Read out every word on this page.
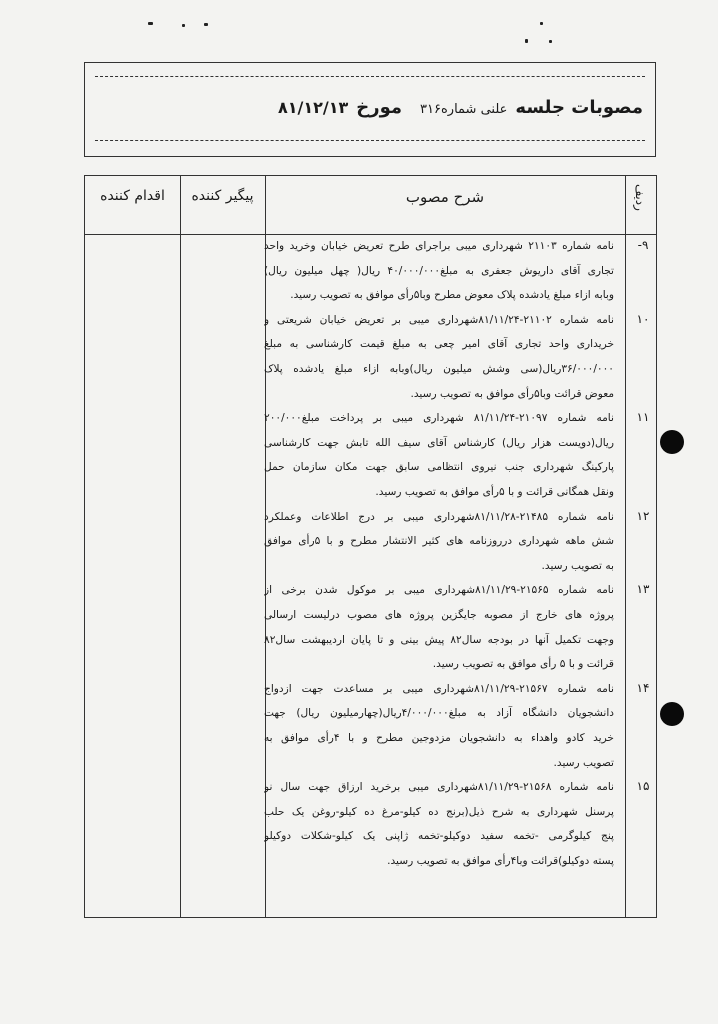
مصوبات جلسه
علنی شماره۳۱۶
مورخ
۸۱/۱۲/۱۳
اقدام کننده	پیگیر کننده	شرح مصوب	ردیف
-۹
نامه شماره ۲۱۱۰۳ شهرداری میبی براجرای طرح تعریض خیابان وخرید واحد
تجاری آقای داریوش جعفری به مبلغ۴۰/۰۰۰/۰۰۰ ریال( چهل میلیون ریال)
وبابه ازاء مبلغ یادشده پلاک معوض مطرح وبا۵رأی موافق به تصویب رسید.
۱۰
نامه شماره ۲۱۱۰۲-۸۱/۱۱/۲۴شهرداری میبی بر تعریض خیابان شریعتی و
خریداری واحد تجاری آقای امیر چعی به مبلغ قیمت کارشناسی به مبلغ
۳۶/۰۰۰/۰۰۰ریال(سی وشش میلیون ریال)وبابه ازاء مبلغ یادشده پلاک
معوض قرائت وبا۵رأی موافق به تصویب رسید.
۱۱
نامه شماره ۲۱۰۹۷-۸۱/۱۱/۲۴ شهرداری میبی بر پرداخت مبلغ۲۰۰/۰۰۰
ریال(دویست هزار ریال) کارشناس آقای سیف الله تابش جهت کارشناسی
پارکینگ شهرداری جنب نیروی انتظامی سابق جهت مکان سازمان حمل
ونقل همگانی قرائت و با ۵رأی موافق به تصویب رسید.
۱۲
نامه شماره ۲۱۴۸۵-۸۱/۱۱/۲۸شهرداری میبی بر درج اطلاعات وعملکرد
شش ماهه شهرداری درروزنامه های کثیر الانتشار مطرح و با ۵رأی موافق
به تصویب رسید.
۱۳
نامه شماره ۲۱۵۶۵-۸۱/۱۱/۲۹شهرداری میبی بر موکول شدن برخی از
پروژه های خارج از مصوبه جایگزین پروژه های مصوب درلیست ارسالی
وجهت تکمیل آنها در بودجه سال۸۲ پیش بینی و تا پایان اردیبهشت سال۸۲
قرائت و با ۵ رأی موافق به تصویب رسید.
۱۴
نامه شماره ۲۱۵۶۷-۸۱/۱۱/۲۹شهرداری میبی بر مساعدت جهت ازدواج
دانشجویان دانشگاه آزاد به مبلغ۴/۰۰۰/۰۰۰ریال(چهارمیلیون ریال) جهت
خرید کادو واهداء به دانشجویان مزدوجین مطرح و با ۴رأی موافق به
تصویب رسید.
۱۵
نامه شماره ۲۱۵۶۸-۸۱/۱۱/۲۹شهرداری میبی برخرید ارزاق جهت سال نو
پرسنل شهرداری به شرح ذیل(برنج ده کیلو-مرغ ده کیلو-روغن یک حلب
پنج کیلوگرمی -تخمه سفید دوکیلو-تخمه ژاپنی یک کیلو-شکلات دوکیلو
پسته دوکیلو)قرائت وبا۴رأی موافق به تصویب رسید.
